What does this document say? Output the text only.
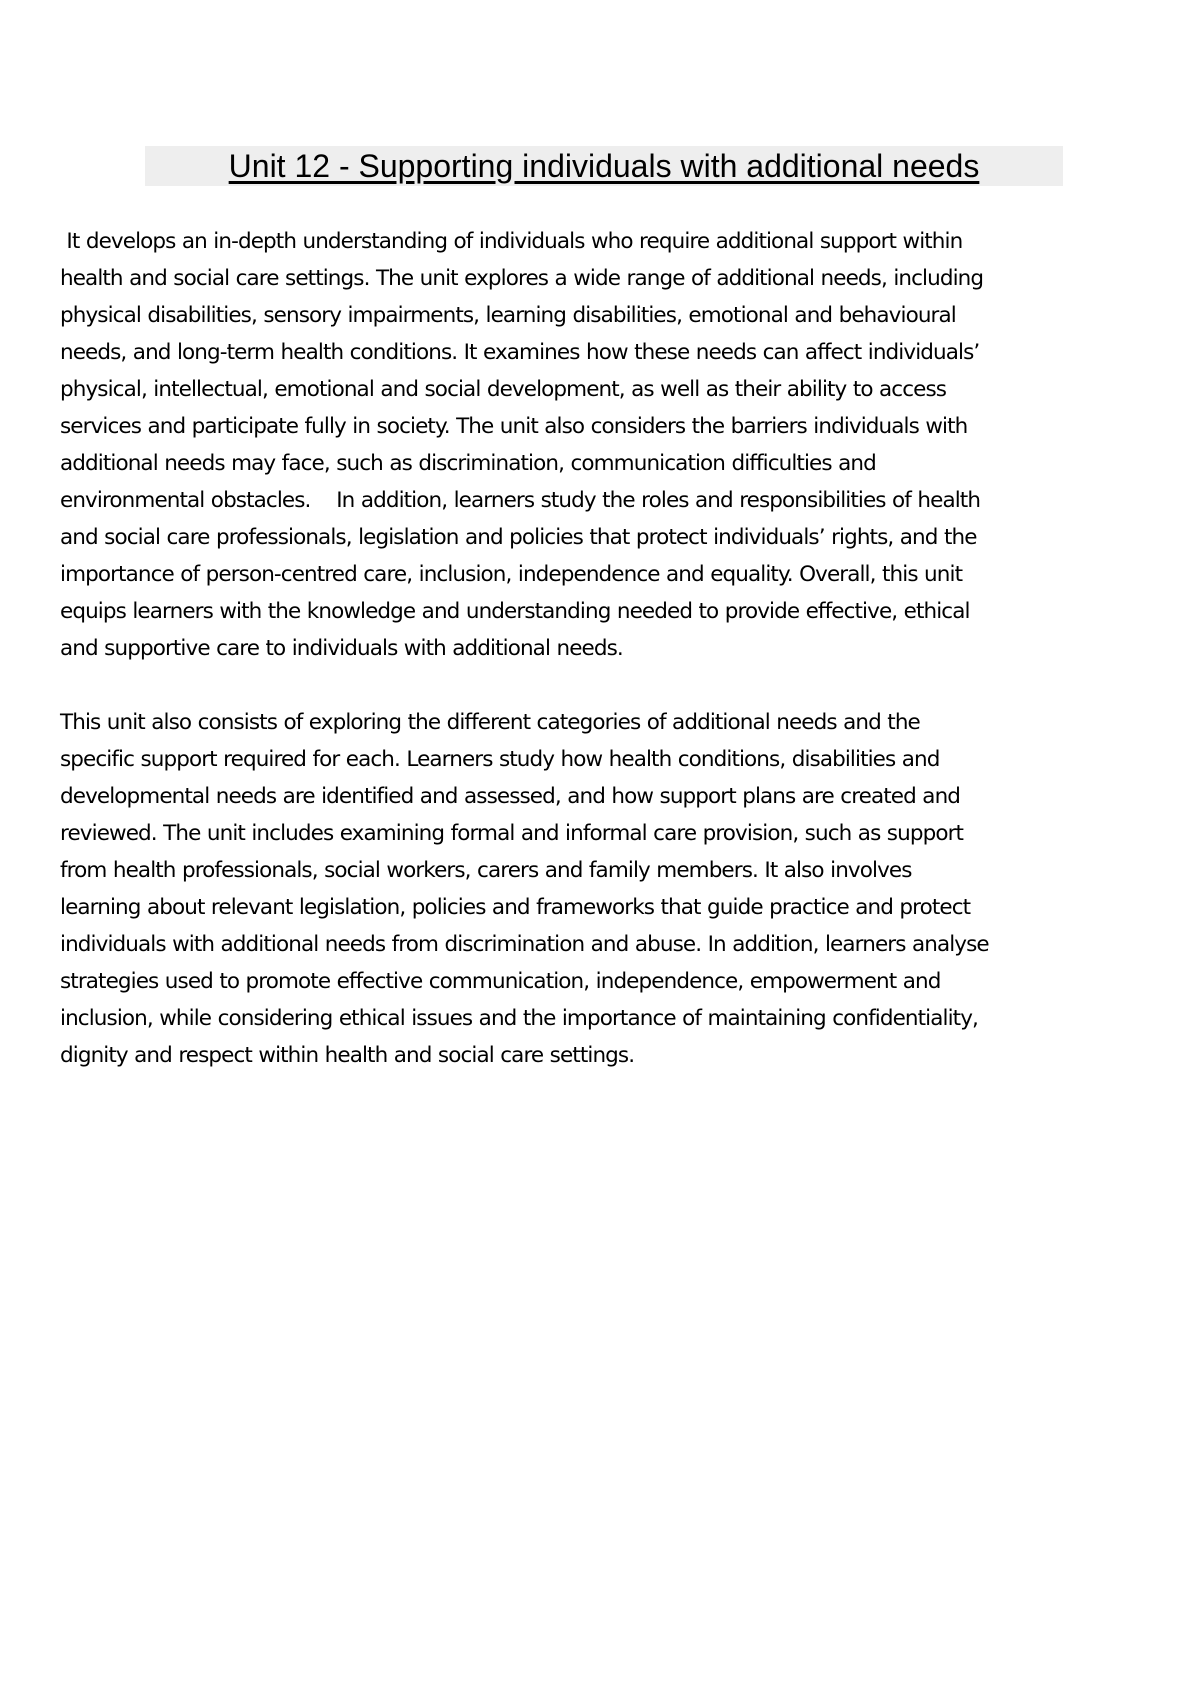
Unit 12 - Supporting individuals with additional needs

It develops an in-depth understanding of individuals who require additional support within
health and social care settings. The unit explores a wide range of additional needs, including
physical disabilities, sensory impairments, learning disabilities, emotional and behavioural
needs, and long-term health conditions. It examines how these needs can affect individuals’
physical, intellectual, emotional and social development, as well as their ability to access
services and participate fully in society. The unit also considers the barriers individuals with
additional needs may face, such as discrimination, communication difficulties and
environmental obstacles.    In addition, learners study the roles and responsibilities of health
and social care professionals, legislation and policies that protect individuals’ rights, and the
importance of person-centred care, inclusion, independence and equality. Overall, this unit
equips learners with the knowledge and understanding needed to provide effective, ethical
and supportive care to individuals with additional needs.

This unit also consists of exploring the different categories of additional needs and the
specific support required for each. Learners study how health conditions, disabilities and
developmental needs are identified and assessed, and how support plans are created and
reviewed. The unit includes examining formal and informal care provision, such as support
from health professionals, social workers, carers and family members. It also involves
learning about relevant legislation, policies and frameworks that guide practice and protect
individuals with additional needs from discrimination and abuse. In addition, learners analyse
strategies used to promote effective communication, independence, empowerment and
inclusion, while considering ethical issues and the importance of maintaining confidentiality,
dignity and respect within health and social care settings.
